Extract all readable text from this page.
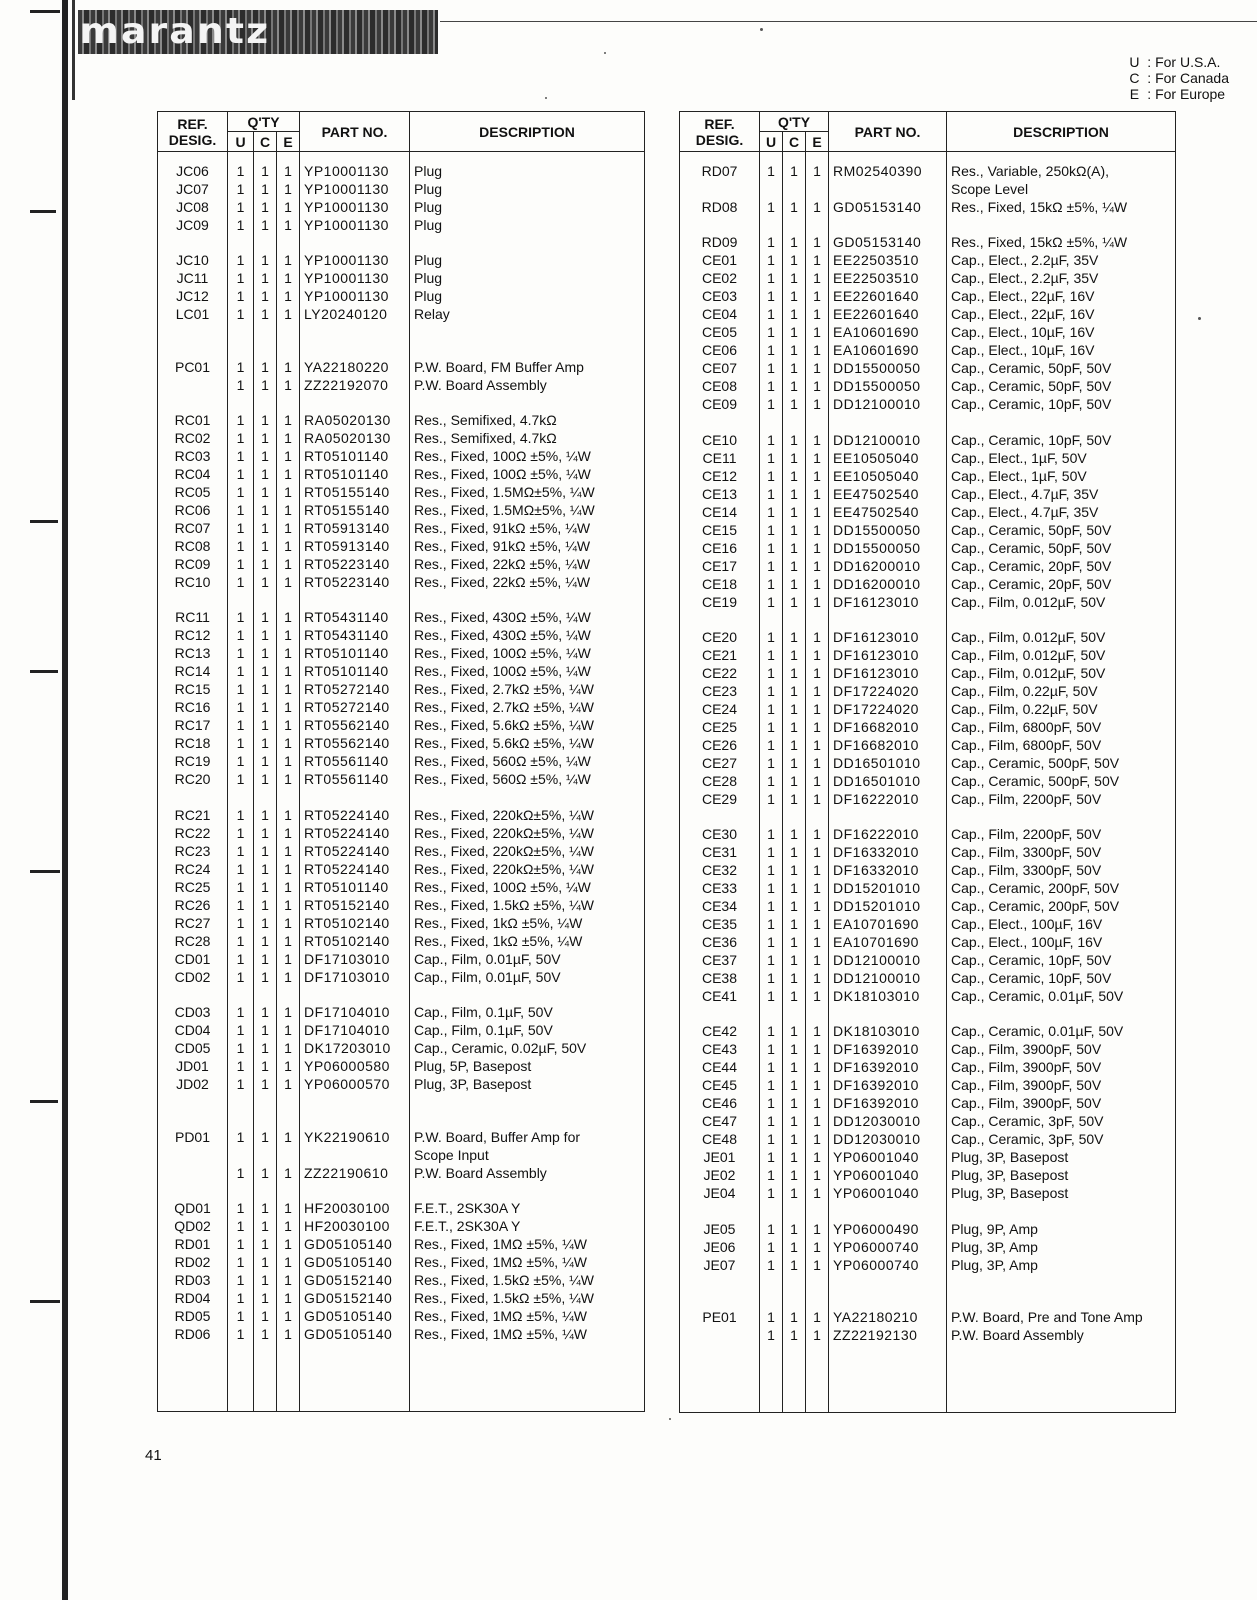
marantz
U : For U.S.A.
C : For Canada
E : For Europe
REF.
DESIG.	Q'TY			PART NO.	DESCRIPTION
	U	C	E		
JC06	1	1	1	YP10001130	Plug
JC07	1	1	1	YP10001130	Plug
JC08	1	1	1	YP10001130	Plug
JC09	1	1	1	YP10001130	Plug

JC10	1	1	1	YP10001130	Plug
JC11	1	1	1	YP10001130	Plug
JC12	1	1	1	YP10001130	Plug
LC01	1	1	1	LY20240120	Relay

PC01	1	1	1	YA22180220	P.W. Board, FM Buffer Amp
	1	1	1	ZZ22192070	P.W. Board Assembly

RC01	1	1	1	RA05020130	Res., Semifixed, 4.7kΩ
RC02	1	1	1	RA05020130	Res., Semifixed, 4.7kΩ
RC03	1	1	1	RT05101140	Res., Fixed, 100Ω ±5%, ¼W
RC04	1	1	1	RT05101140	Res., Fixed, 100Ω ±5%, ¼W
RC05	1	1	1	RT05155140	Res., Fixed, 1.5MΩ±5%, ¼W
RC06	1	1	1	RT05155140	Res., Fixed, 1.5MΩ±5%, ¼W
RC07	1	1	1	RT05913140	Res., Fixed, 91kΩ ±5%, ¼W
RC08	1	1	1	RT05913140	Res., Fixed, 91kΩ ±5%, ¼W
RC09	1	1	1	RT05223140	Res., Fixed, 22kΩ ±5%, ¼W
RC10	1	1	1	RT05223140	Res., Fixed, 22kΩ ±5%, ¼W

RC11	1	1	1	RT05431140	Res., Fixed, 430Ω ±5%, ¼W
RC12	1	1	1	RT05431140	Res., Fixed, 430Ω ±5%, ¼W
RC13	1	1	1	RT05101140	Res., Fixed, 100Ω ±5%, ¼W
RC14	1	1	1	RT05101140	Res., Fixed, 100Ω ±5%, ¼W
RC15	1	1	1	RT05272140	Res., Fixed, 2.7kΩ ±5%, ¼W
RC16	1	1	1	RT05272140	Res., Fixed, 2.7kΩ ±5%, ¼W
RC17	1	1	1	RT05562140	Res., Fixed, 5.6kΩ ±5%, ¼W
RC18	1	1	1	RT05562140	Res., Fixed, 5.6kΩ ±5%, ¼W
RC19	1	1	1	RT05561140	Res., Fixed, 560Ω ±5%, ¼W
RC20	1	1	1	RT05561140	Res., Fixed, 560Ω ±5%, ¼W

RC21	1	1	1	RT05224140	Res., Fixed, 220kΩ±5%, ¼W
RC22	1	1	1	RT05224140	Res., Fixed, 220kΩ±5%, ¼W
RC23	1	1	1	RT05224140	Res., Fixed, 220kΩ±5%, ¼W
RC24	1	1	1	RT05224140	Res., Fixed, 220kΩ±5%, ¼W
RC25	1	1	1	RT05101140	Res., Fixed, 100Ω ±5%, ¼W
RC26	1	1	1	RT05152140	Res., Fixed, 1.5kΩ ±5%, ¼W
RC27	1	1	1	RT05102140	Res., Fixed, 1kΩ ±5%, ¼W
RC28	1	1	1	RT05102140	Res., Fixed, 1kΩ ±5%, ¼W
CD01	1	1	1	DF17103010	Cap., Film, 0.01µF, 50V
CD02	1	1	1	DF17103010	Cap., Film, 0.01µF, 50V

CD03	1	1	1	DF17104010	Cap., Film, 0.1µF, 50V
CD04	1	1	1	DF17104010	Cap., Film, 0.1µF, 50V
CD05	1	1	1	DK17203010	Cap., Ceramic, 0.02µF, 50V
JD01	1	1	1	YP06000580	Plug, 5P, Basepost
JD02	1	1	1	YP06000570	Plug, 3P, Basepost

PD01	1	1	1	YK22190610	P.W. Board, Buffer Amp for
					Scope Input
	1	1	1	ZZ22190610	P.W. Board Assembly

QD01	1	1	1	HF20030100	F.E.T., 2SK30A Y
QD02	1	1	1	HF20030100	F.E.T., 2SK30A Y
RD01	1	1	1	GD05105140	Res., Fixed, 1MΩ ±5%, ¼W
RD02	1	1	1	GD05105140	Res., Fixed, 1MΩ ±5%, ¼W
RD03	1	1	1	GD05152140	Res., Fixed, 1.5kΩ ±5%, ¼W
RD04	1	1	1	GD05152140	Res., Fixed, 1.5kΩ ±5%, ¼W
RD05	1	1	1	GD05105140	Res., Fixed, 1MΩ ±5%, ¼W
RD06	1	1	1	GD05105140	Res., Fixed, 1MΩ ±5%, ¼W

REF.
DESIG.	Q'TY			PART NO.	DESCRIPTION
	U	C	E		
RD07	1	1	1	RM02540390	Res., Variable, 250kΩ(A),
					Scope Level
RD08	1	1	1	GD05153140	Res., Fixed, 15kΩ ±5%, ¼W

RD09	1	1	1	GD05153140	Res., Fixed, 15kΩ ±5%, ¼W
CE01	1	1	1	EE22503510	Cap., Elect., 2.2µF, 35V
CE02	1	1	1	EE22503510	Cap., Elect., 2.2µF, 35V
CE03	1	1	1	EE22601640	Cap., Elect., 22µF, 16V
CE04	1	1	1	EE22601640	Cap., Elect., 22µF, 16V
CE05	1	1	1	EA10601690	Cap., Elect., 10µF, 16V
CE06	1	1	1	EA10601690	Cap., Elect., 10µF, 16V
CE07	1	1	1	DD15500050	Cap., Ceramic, 50pF, 50V
CE08	1	1	1	DD15500050	Cap., Ceramic, 50pF, 50V
CE09	1	1	1	DD12100010	Cap., Ceramic, 10pF, 50V

CE10	1	1	1	DD12100010	Cap., Ceramic, 10pF, 50V
CE11	1	1	1	EE10505040	Cap., Elect., 1µF, 50V
CE12	1	1	1	EE10505040	Cap., Elect., 1µF, 50V
CE13	1	1	1	EE47502540	Cap., Elect., 4.7µF, 35V
CE14	1	1	1	EE47502540	Cap., Elect., 4.7µF, 35V
CE15	1	1	1	DD15500050	Cap., Ceramic, 50pF, 50V
CE16	1	1	1	DD15500050	Cap., Ceramic, 50pF, 50V
CE17	1	1	1	DD16200010	Cap., Ceramic, 20pF, 50V
CE18	1	1	1	DD16200010	Cap., Ceramic, 20pF, 50V
CE19	1	1	1	DF16123010	Cap., Film, 0.012µF, 50V

CE20	1	1	1	DF16123010	Cap., Film, 0.012µF, 50V
CE21	1	1	1	DF16123010	Cap., Film, 0.012µF, 50V
CE22	1	1	1	DF16123010	Cap., Film, 0.012µF, 50V
CE23	1	1	1	DF17224020	Cap., Film, 0.22µF, 50V
CE24	1	1	1	DF17224020	Cap., Film, 0.22µF, 50V
CE25	1	1	1	DF16682010	Cap., Film, 6800pF, 50V
CE26	1	1	1	DF16682010	Cap., Film, 6800pF, 50V
CE27	1	1	1	DD16501010	Cap., Ceramic, 500pF, 50V
CE28	1	1	1	DD16501010	Cap., Ceramic, 500pF, 50V
CE29	1	1	1	DF16222010	Cap., Film, 2200pF, 50V

CE30	1	1	1	DF16222010	Cap., Film, 2200pF, 50V
CE31	1	1	1	DF16332010	Cap., Film, 3300pF, 50V
CE32	1	1	1	DF16332010	Cap., Film, 3300pF, 50V
CE33	1	1	1	DD15201010	Cap., Ceramic, 200pF, 50V
CE34	1	1	1	DD15201010	Cap., Ceramic, 200pF, 50V
CE35	1	1	1	EA10701690	Cap., Elect., 100µF, 16V
CE36	1	1	1	EA10701690	Cap., Elect., 100µF, 16V
CE37	1	1	1	DD12100010	Cap., Ceramic, 10pF, 50V
CE38	1	1	1	DD12100010	Cap., Ceramic, 10pF, 50V
CE41	1	1	1	DK18103010	Cap., Ceramic, 0.01µF, 50V

CE42	1	1	1	DK18103010	Cap., Ceramic, 0.01µF, 50V
CE43	1	1	1	DF16392010	Cap., Film, 3900pF, 50V
CE44	1	1	1	DF16392010	Cap., Film, 3900pF, 50V
CE45	1	1	1	DF16392010	Cap., Film, 3900pF, 50V
CE46	1	1	1	DF16392010	Cap., Film, 3900pF, 50V
CE47	1	1	1	DD12030010	Cap., Ceramic, 3pF, 50V
CE48	1	1	1	DD12030010	Cap., Ceramic, 3pF, 50V
JE01	1	1	1	YP06001040	Plug, 3P, Basepost
JE02	1	1	1	YP06001040	Plug, 3P, Basepost
JE04	1	1	1	YP06001040	Plug, 3P, Basepost

JE05	1	1	1	YP06000490	Plug, 9P, Amp
JE06	1	1	1	YP06000740	Plug, 3P, Amp
JE07	1	1	1	YP06000740	Plug, 3P, Amp

PE01	1	1	1	YA22180210	P.W. Board, Pre and Tone Amp
	1	1	1	ZZ22192130	P.W. Board Assembly

41
